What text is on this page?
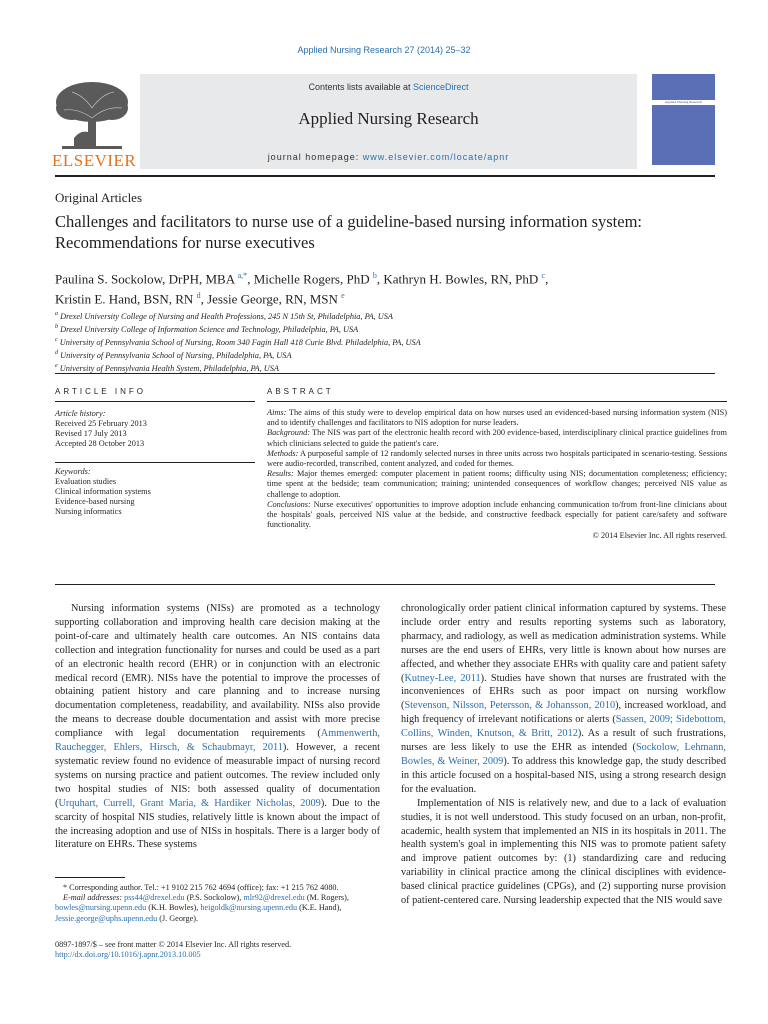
Applied Nursing Research 27 (2014) 25–32
ELSEVIER
Contents lists available at ScienceDirect
Applied Nursing Research
journal homepage: www.elsevier.com/locate/apnr
Applied Nursing Research
Original Articles
Challenges and facilitators to nurse use of a guideline-based nursing information system: Recommendations for nurse executives
Paulina S. Sockolow, DrPH, MBA $^{a,*}$, Michelle Rogers, PhD $^b$, Kathryn H. Bowles, RN, PhD $^c$,
Kristin E. Hand, BSN, RN $^d$, Jessie George, RN, MSN $^e$
$^a$ Drexel University College of Nursing and Health Professions, 245 N 15th St, Philadelphia, PA, USA
$^b$ Drexel University College of Information Science and Technology, Philadelphia, PA, USA
$^c$ University of Pennsylvania School of Nursing, Room 340 Fagin Hall 418 Curie Blvd. Philadelphia, PA, USA
$^d$ University of Pennsylvania School of Nursing, Philadelphia, PA, USA
$^e$ University of Pennsylvania Health System, Philadelphia, PA, USA
ARTICLE INFO
Article history:
Received 25 February 2013
Revised 17 July 2013
Accepted 28 October 2013
Keywords:
Evaluation studies
Clinical information systems
Evidence-based nursing
Nursing informatics
ABSTRACT

Aims: The aims of this study were to develop empirical data on how nurses used an evidenced-based nursing information system (NIS) and to identify challenges and facilitators to NIS adoption for nurse leaders.

Background: The NIS was part of the electronic health record with 200 evidence-based, interdisciplinary clinical practice guidelines from which clinicians selected to guide the patient's care.

Methods: A purposeful sample of 12 randomly selected nurses in three units across two hospitals participated in scenario-testing. Sessions were audio-recorded, transcribed, content analyzed, and coded for themes.

Results: Major themes emerged: computer placement in patient rooms; difficulty using NIS; documentation completeness; efficiency; time spent at the bedside; team communication; training; unintended consequences of workflow changes; perceived NIS value as challenge to adoption.

Conclusions: Nurse executives' opportunities to improve adoption include enhancing communication to/from front-line clinicians about the hospitals' goals, perceived NIS value at the bedside, and constructive feedback especially for patient care/safety and software functionality.

© 2014 Elsevier Inc. All rights reserved.

Nursing information systems (NISs) are promoted as a technology supporting collaboration and improving health care decision making at the point-of-care and ultimately health care outcomes. An NIS contains data collection and integration functionality for nurses and could be used as a part of an electronic health record (EHR) or in conjunction with an electronic medical record (EMR). NISs have the potential to improve the processes of obtaining patient history and care planning and to increase nursing documentation completeness, readability, and availability. NISs also provide the means to decrease double documentation and assist with more precise compliance with legal documentation requirements (Ammenwerth, Rauchegger, Ehlers, Hirsch, & Schaubmayr, 2011). However, a recent systematic review found no evidence of measurable impact of nursing record systems on nursing practice and patient outcomes. The review included only two hospital studies of NIS: both assessed quality of documentation (Urquhart, Currell, Grant Maria, & Hardiker Nicholas, 2009). Due to the scarcity of hospital NIS studies, relatively little is known about the impact of the increasing adoption and use of NISs in hospitals. There is a larger body of literature on EHRs. These systems

chronologically order patient clinical information captured by systems. These include order entry and results reporting systems such as laboratory, pharmacy, and radiology, as well as medication administration systems. While nurses are the end users of EHRs, very little is known about how nurses are affected, and whether they associate EHRs with quality care and patient safety (Kutney-Lee, 2011). Studies have shown that nurses are frustrated with the inconveniences of EHRs such as poor impact on nursing workflow (Stevenson, Nilsson, Petersson, & Johansson, 2010), increased workload, and high frequency of irrelevant notifications or alerts (Sassen, 2009; Sidebottom, Collins, Winden, Knutson, & Britt, 2012). As a result of such frustrations, nurses are less likely to use the EHR as intended (Sockolow, Lehmann, Bowles, & Weiner, 2009). To address this knowledge gap, the study described in this article focused on a hospital-based NIS, using a strong research design for the evaluation.

Implementation of NIS is relatively new, and due to a lack of evaluation studies, it is not well understood. This study focused on an urban, non-profit, academic, health system that implemented an NIS in its hospitals in 2011. The health system's goal in implementing this NIS was to promote patient safety and improve patient outcomes by: (1) standardizing care and reducing variability in clinical practice among the clinical disciplines with evidence-based clinical practice guidelines (CPGs), and (2) supporting nurse provision of patient-centered care. Nursing leadership expected that the NIS would save

* Corresponding author. Tel.: +1 9102 215 762 4694 (office); fax: +1 215 762 4080.
E-mail addresses: pss44@drexel.edu (P.S. Sockolow), mlr92@drexel.edu (M. Rogers), bowles@nursing.upenn.edu (K.H. Bowles), heigoldk@nursing.upenn.edu (K.E. Hand), Jessie.george@uphs.upenn.edu (J. George).
0897-1897/$ – see front matter © 2014 Elsevier Inc. All rights reserved.
http://dx.doi.org/10.1016/j.apnr.2013.10.005
